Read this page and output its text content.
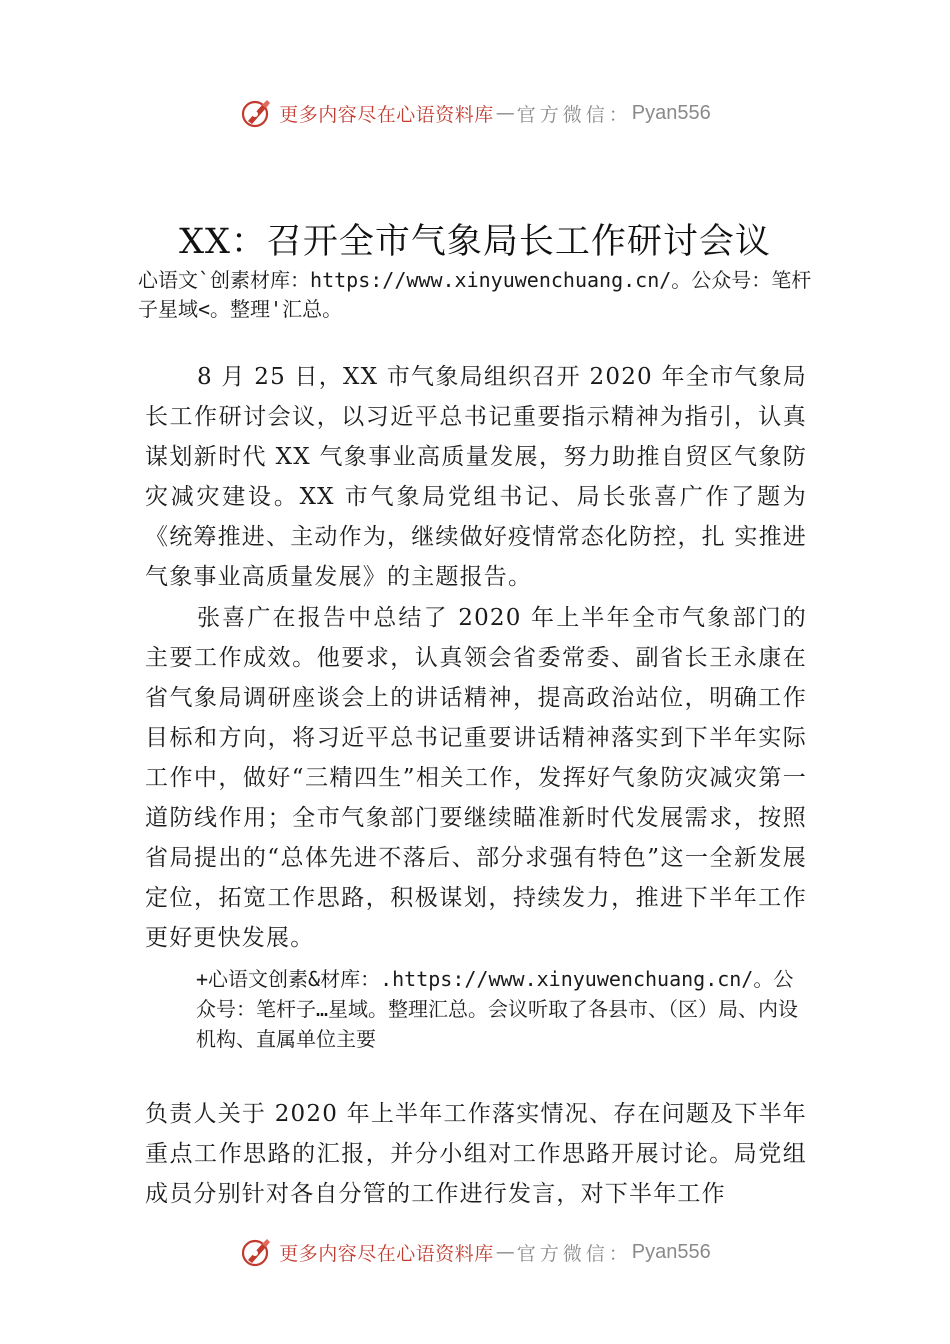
更多内容尽在心语资料库 — 官方微信： Pyan556
XX：召开全市气象局长工作研讨会议
心语文`创素材库：https://www.xinyuwenchuang.cn/。公众号：笔杆子星域<。整理'汇总。
8 月 25 日，XX 市气象局组织召开 2020 年全市气象局长工作研讨会议，以习近平总书记重要指示精神为指引，认真谋划新时代 XX 气象事业高质量发展，努力助推自贸区气象防灾减灾建设。XX 市气象局党组书记、局长张喜广作了题为《统筹推进、主动作为，继续做好疫情常态化防控，扎 实推进气象事业高质量发展》的主题报告。
张喜广在报告中总结了 2020 年上半年全市气象部门的主要工作成效。他要求，认真领会省委常委、副省长王永康在省气象局调研座谈会上的讲话精神，提高政治站位，明确工作目标和方向，将习近平总书记重要讲话精神落实到下半年实际工作中，做好“三精四生”相关工作，发挥好气象防灾减灾第一道防线作用；全市气象部门要继续瞄准新时代发展需求，按照省局提出的“总体先进不落后、部分求强有特色”这一全新发展定位，拓宽工作思路，积极谋划，持续发力，推进下半年工作更好更快发展。
+心语文创素&材库：.https://www.xinyuwenchuang.cn/。公众号：笔杆子…星域。整理汇总。会议听取了各县市、（区）局、内设机构、直属单位主要
负责人关于 2020 年上半年工作落实情况、存在问题及下半年重点工作思路的汇报，并分小组对工作思路开展讨论。局党组成员分别针对各自分管的工作进行发言，对下半年工作
更多内容尽在心语资料库 — 官方微信： Pyan556
